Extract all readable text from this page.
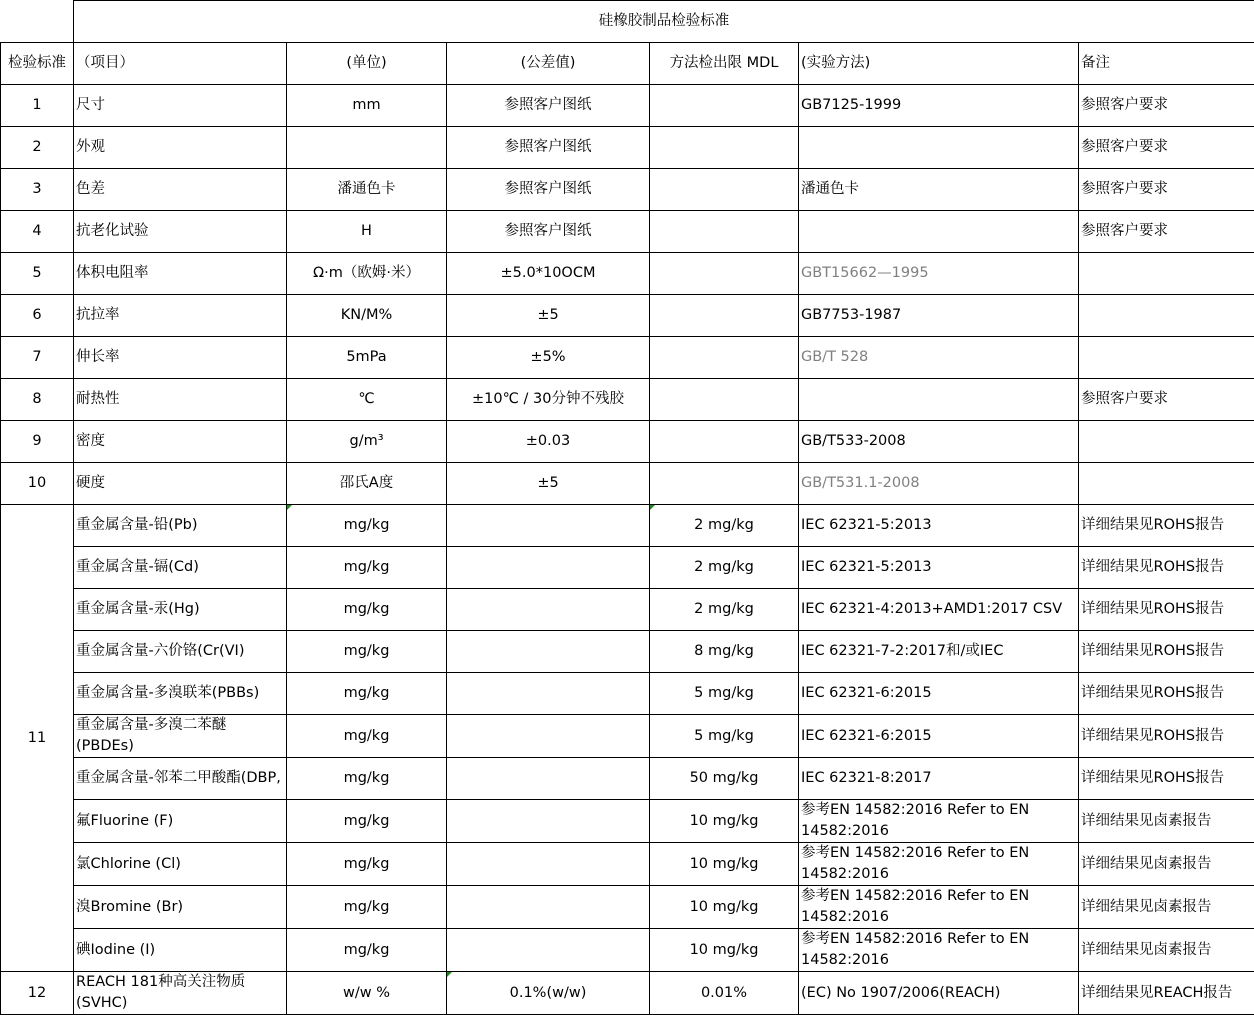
	硅橡胶制品检验标准					
检验标准	（项目）	(单位)	(公差值)	方法检出限 MDL	(实验方法)	备注
1	尺寸	mm	参照客户图纸		GB7125-1999	参照客户要求
2	外观		参照客户图纸			参照客户要求
3	色差	潘通色卡	参照客户图纸		潘通色卡	参照客户要求
4	抗老化试验	H	参照客户图纸			参照客户要求
5	体积电阻率	Ω·m（欧姆·米）	±5.0*10OCM		GBT15662—1995	
6	抗拉率	KN/M%	±5		GB7753-1987	
7	伸长率	5mPa	±5%		GB/T 528	
8	耐热性	℃	±10℃ / 30分钟不残胶			参照客户要求
9	密度	g/m³	±0.03		GB/T533-2008	
10	硬度	邵氏A度	±5		GB/T531.1-2008	
11	重金属含量-铅(Pb)	mg/kg		2 mg/kg	IEC 62321-5:2013	详细结果见ROHS报告
	重金属含量-镉(Cd)	mg/kg		2 mg/kg	IEC 62321-5:2013	详细结果见ROHS报告
	重金属含量-汞(Hg)	mg/kg		2 mg/kg	IEC 62321-4:2013+AMD1:2017 CSV	详细结果见ROHS报告
	重金属含量-六价铬(Cr(VI)	mg/kg		8 mg/kg	IEC 62321-7-2:2017和/或IEC	详细结果见ROHS报告
	重金属含量-多溴联苯(PBBs)	mg/kg		5 mg/kg	IEC 62321-6:2015	详细结果见ROHS报告
	重金属含量-多溴二苯醚(PBDEs)	mg/kg		5 mg/kg	IEC 62321-6:2015	详细结果见ROHS报告
	重金属含量-邻苯二甲酸酯(DBP,	mg/kg		50 mg/kg	IEC 62321-8:2017	详细结果见ROHS报告
	氟Fluorine (F)	mg/kg		10 mg/kg	参考EN 14582:2016 Refer to EN 14582:2016	详细结果见卤素报告
	氯Chlorine (Cl)	mg/kg		10 mg/kg	参考EN 14582:2016 Refer to EN 14582:2016	详细结果见卤素报告
	溴Bromine (Br)	mg/kg		10 mg/kg	参考EN 14582:2016 Refer to EN 14582:2016	详细结果见卤素报告
	碘Iodine (I)	mg/kg		10 mg/kg	参考EN 14582:2016 Refer to EN 14582:2016	详细结果见卤素报告
12	REACH 181种高关注物质(SVHC)	w/w %	0.1%(w/w)	0.01%	(EC) No 1907/2006(REACH)	详细结果见REACH报告
